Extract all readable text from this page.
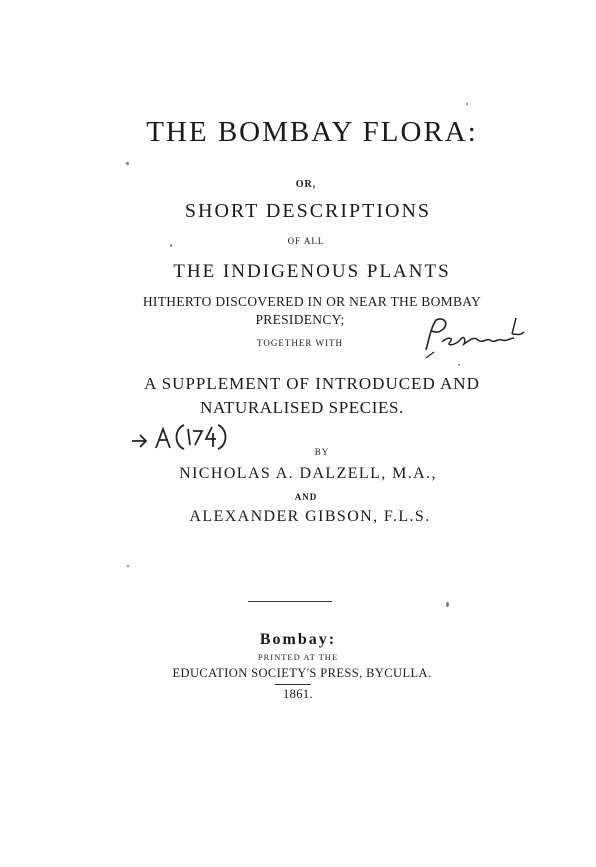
THE BOMBAY FLORA:
OR,
SHORT DESCRIPTIONS
OF ALL
THE INDIGENOUS PLANTS
HITHERTO DISCOVERED IN OR NEAR THE BOMBAY
PRESIDENCY;
TOGETHER WITH
A SUPPLEMENT OF INTRODUCED AND
NATURALISED SPECIES.
BY
NICHOLAS A. DALZELL, M.A.,
AND
ALEXANDER GIBSON, F.L.S.
Bombay:
PRINTED AT THE
EDUCATION SOCIETY'S PRESS, BYCULLA.
1861.
